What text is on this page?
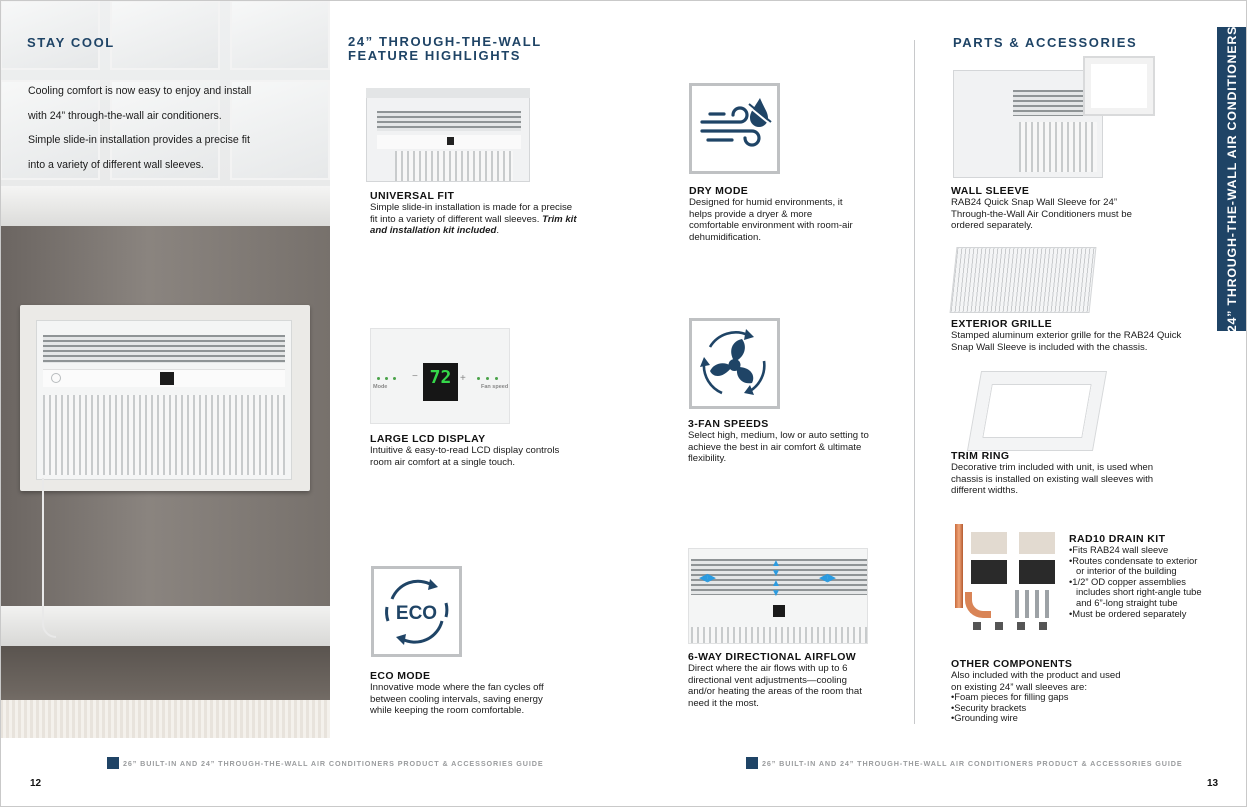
STAY COOL
Cooling comfort is now easy to enjoy and install
with 24” through-the-wall air conditioners.
Simple slide-in installation provides a precise fit
into a variety of different wall sleeves.
24” THROUGH-THE-WALL
FEATURE HIGHLIGHTS
UNIVERSAL FIT
Simple slide-in installation is made for a precise fit into a variety of different wall sleeves. Trim kit and installation kit included.
Mode
− 72 +
Fan speed
LARGE LCD DISPLAY
Intuitive & easy-to-read LCD display controls room air comfort at a single touch.
ECO
ECO MODE
Innovative mode where the fan cycles off between cooling intervals, saving energy while keeping the room comfortable.
DRY MODE
Designed for humid environments, it helps provide a dryer & more comfortable environment with room-air dehumidification.
3-FAN SPEEDS
Select high, medium, low or auto setting to achieve the best in air comfort & ultimate flexibility.
◀▶
▲
▼
▲
▼
◀▶
6-WAY DIRECTIONAL AIRFLOW
Direct where the air flows with up to 6 directional vent adjustments—cooling and/or heating the areas of the room that need it the most.
PARTS & ACCESSORIES	24” THROUGH-THE-WALL AIR CONDITIONERS
WALL SLEEVE
RAB24 Quick Snap Wall Sleeve for 24” Through-the-Wall Air Conditioners must be ordered separately.
EXTERIOR GRILLE
Stamped aluminum exterior grille for the RAB24 Quick Snap Wall Sleeve is included with the chassis.
TRIM RING
Decorative trim included with unit, is used when chassis is installed on existing wall sleeves with different widths.
RAD10 DRAIN KIT
• Fits RAB24 wall sleeve
• Routes condensate to exterior or interior of the building
• 1/2” OD copper assemblies includes short right-angle tube and 6”-long straight tube
• Must be ordered separately
OTHER COMPONENTS
Also included with the product and used on existing 24” wall sleeves are:
• Foam pieces for filling gaps
• Security brackets
• Grounding wire
26” BUILT-IN AND 24” THROUGH-THE-WALL AIR CONDITIONERS PRODUCT & ACCESSORIES GUIDE
12
26” BUILT-IN AND 24” THROUGH-THE-WALL AIR CONDITIONERS PRODUCT & ACCESSORIES GUIDE
13
